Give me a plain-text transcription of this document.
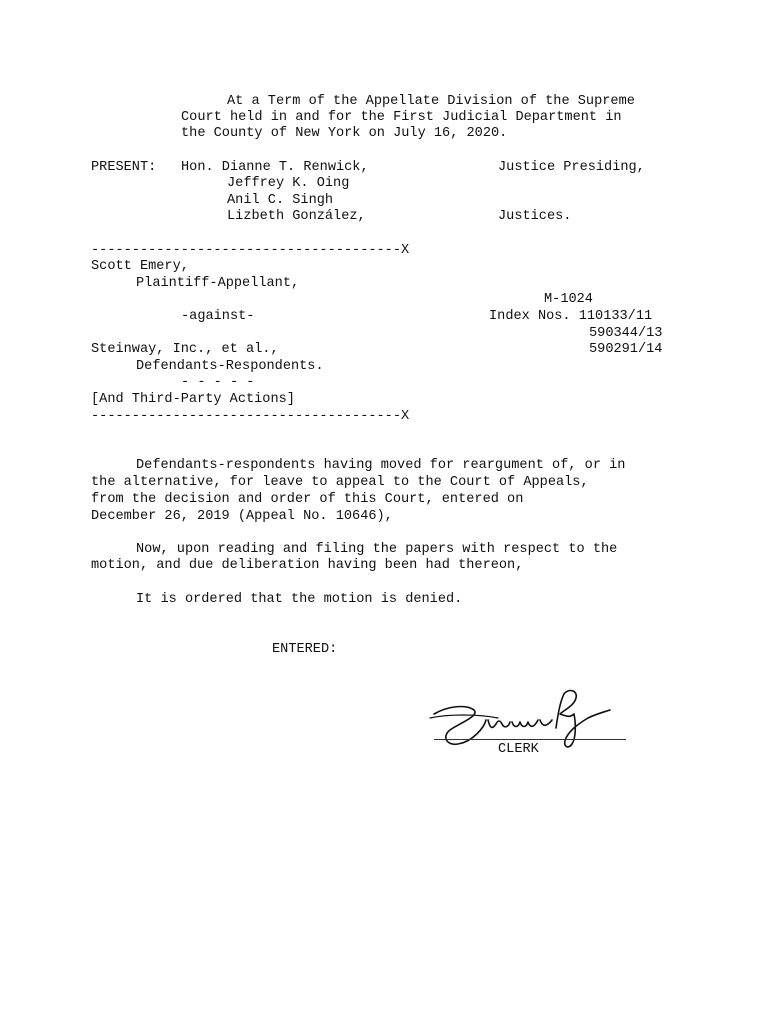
At a Term of the Appellate Division of the Supreme
Court held in and for the First Judicial Department in
the County of New York on July 16, 2020.
PRESENT: Hon. Dianne T. Renwick,	Justice Presiding,
Jeffrey K. Oing
Anil C. Singh
Lizbeth González,	Justices.
--------------------------------------X
Scott Emery,
Plaintiff-Appellant,
M-1024
-against-	Index Nos. 110133/11
590344/13
Steinway, Inc., et al.,	590291/14
Defendants-Respondents.
- - - - -
[And Third-Party Actions]
--------------------------------------X
Defendants-respondents having moved for reargument of, or in
the alternative, for leave to appeal to the Court of Appeals,
from the decision and order of this Court, entered on
December 26, 2019 (Appeal No. 10646),
Now, upon reading and filing the papers with respect to the
motion, and due deliberation having been had thereon,
It is ordered that the motion is denied.
ENTERED:
CLERK
